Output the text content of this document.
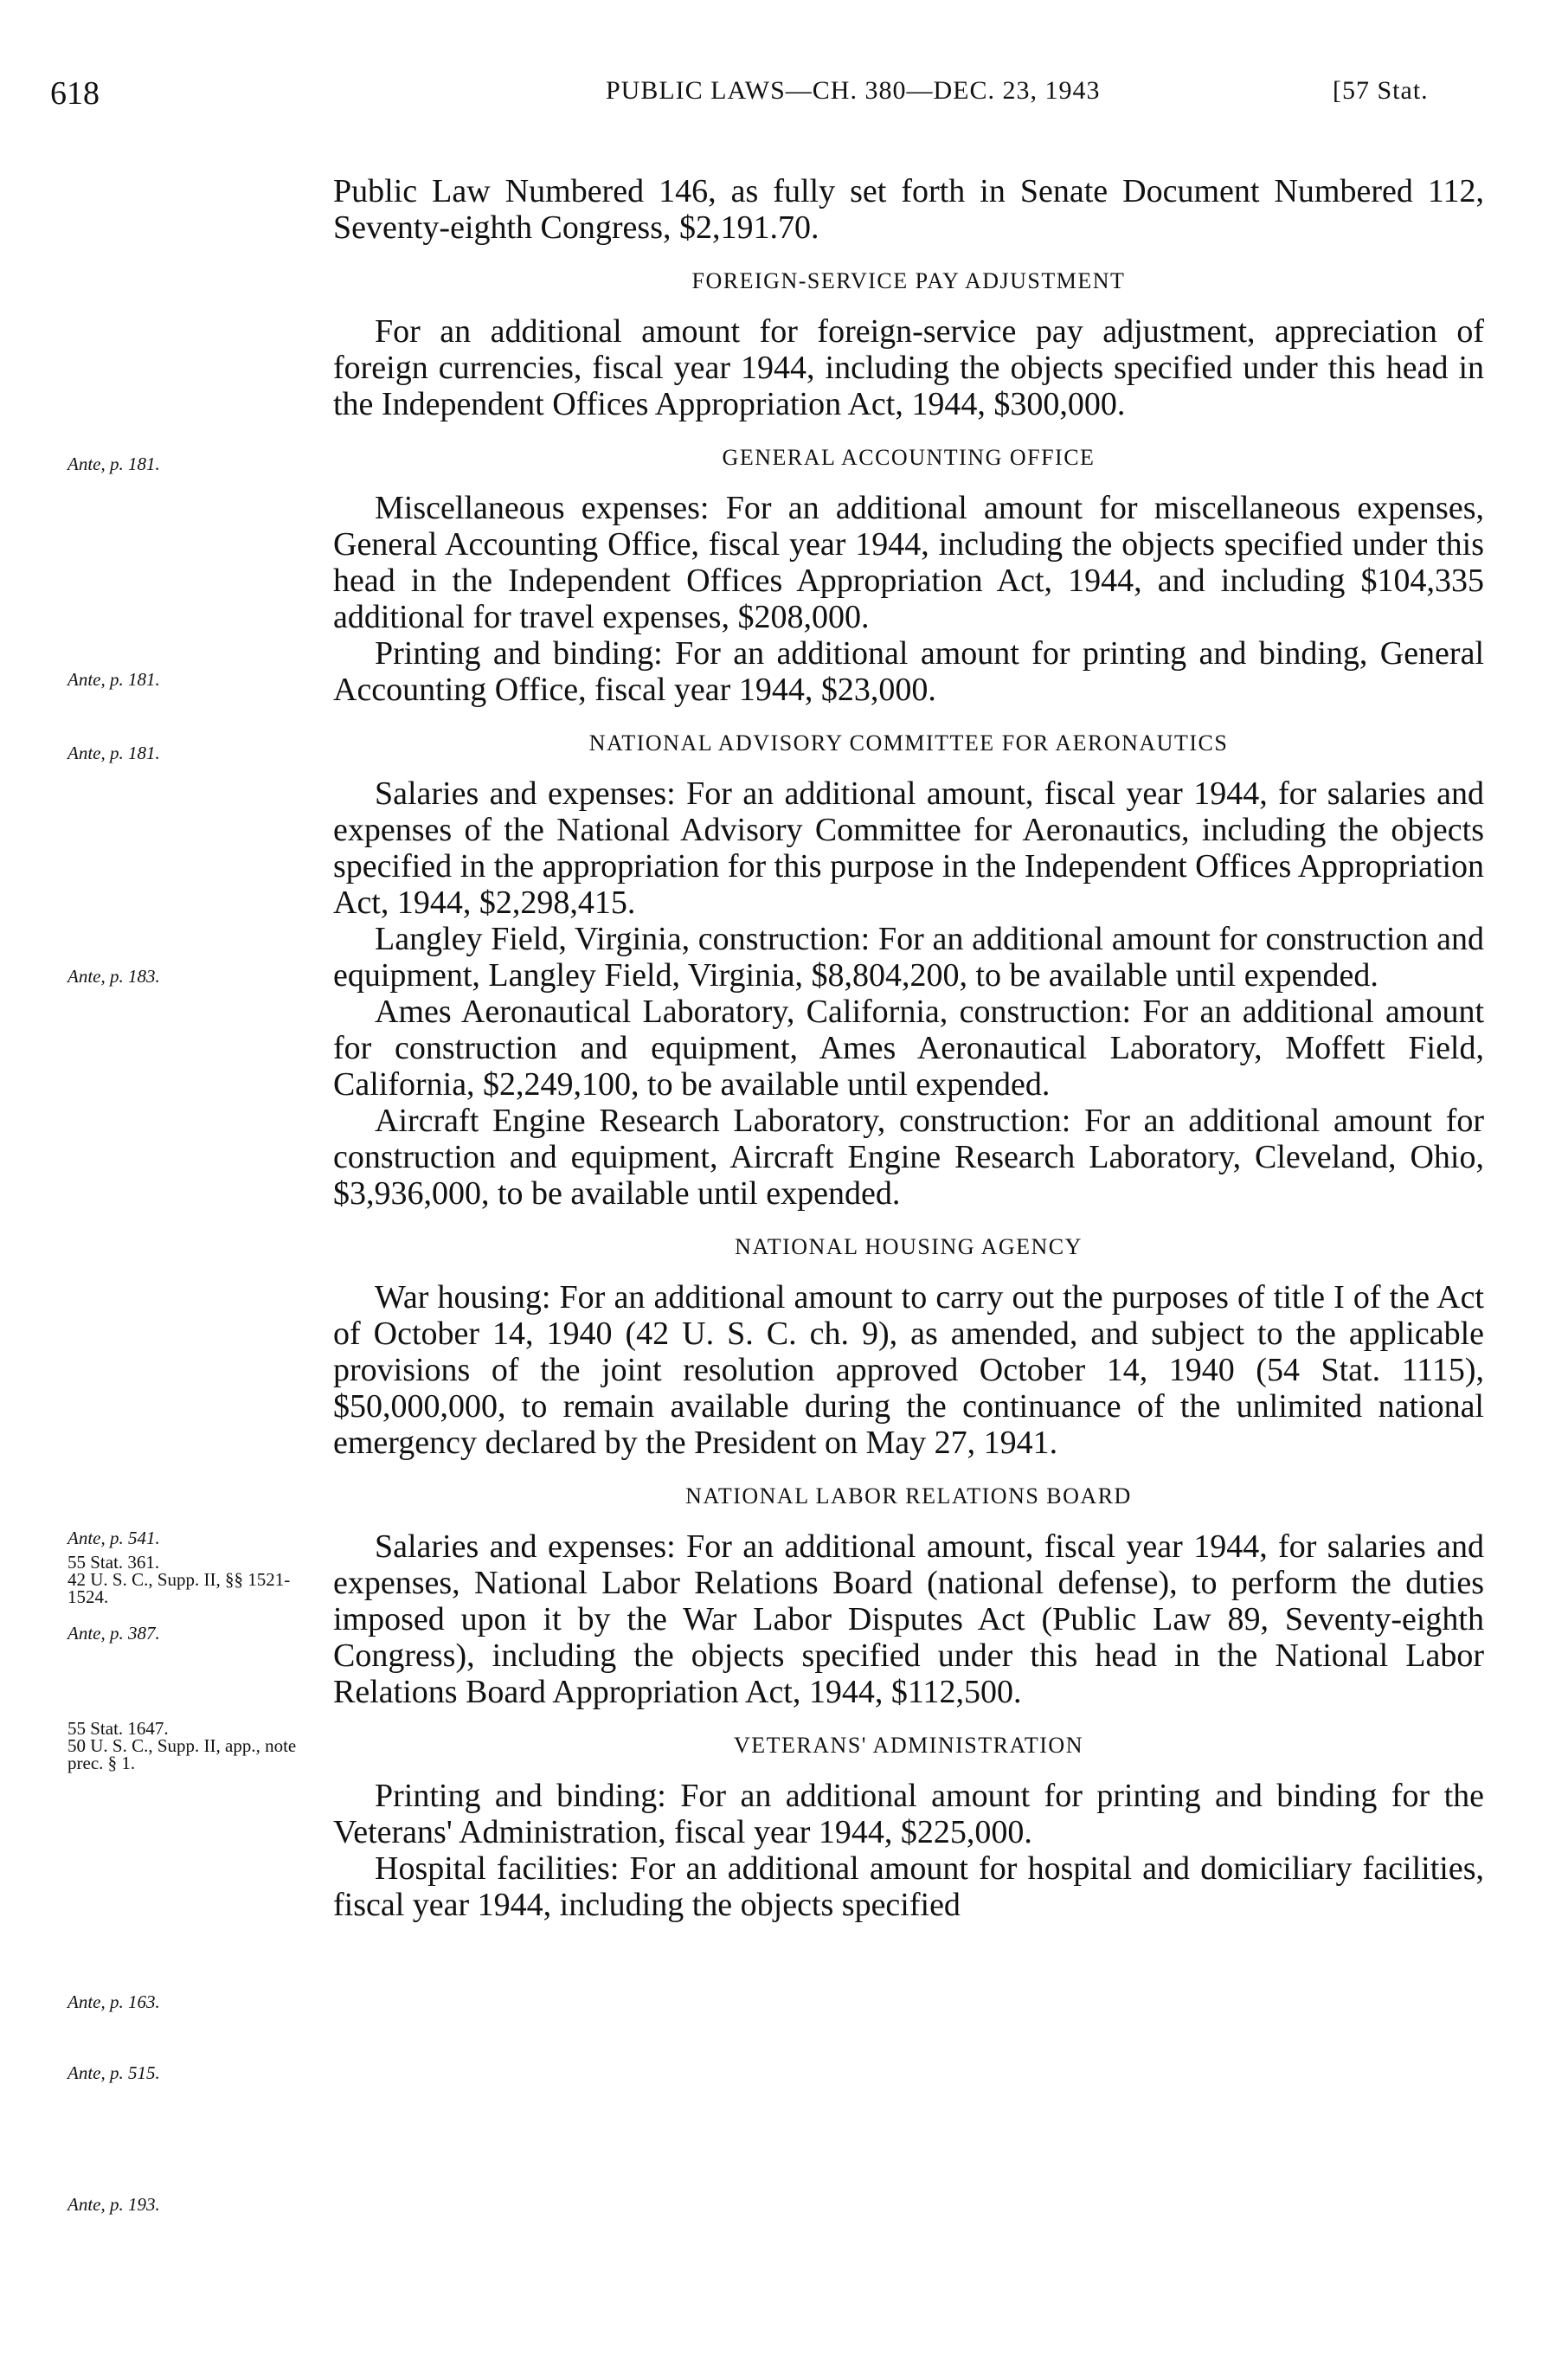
618	PUBLIC LAWS—CH. 380—DEC. 23, 1943	[57 Stat.
Ante, p. 181.
Ante, p. 181.
Ante, p. 181.
Ante, p. 183.
Ante, p. 541.
55 Stat. 361.
42 U. S. C., Supp. II, §§ 1521-1524.
Ante, p. 387.
55 Stat. 1647.
50 U. S. C., Supp. II, app., note prec. § 1.
Ante, p. 163.
Ante, p. 515.
Ante, p. 193.

Public Law Numbered 146, as fully set forth in Senate Document Numbered 112, Seventy-eighth Congress, $2,191.70.

FOREIGN-SERVICE PAY ADJUSTMENT

For an additional amount for foreign-service pay adjustment, appreciation of foreign currencies, fiscal year 1944, including the objects specified under this head in the Independent Offices Appropriation Act, 1944, $300,000.

GENERAL ACCOUNTING OFFICE

Miscellaneous expenses: For an additional amount for miscellaneous expenses, General Accounting Office, fiscal year 1944, including the objects specified under this head in the Independent Offices Appropriation Act, 1944, and including $104,335 additional for travel expenses, $208,000.

Printing and binding: For an additional amount for printing and binding, General Accounting Office, fiscal year 1944, $23,000.

NATIONAL ADVISORY COMMITTEE FOR AERONAUTICS

Salaries and expenses: For an additional amount, fiscal year 1944, for salaries and expenses of the National Advisory Committee for Aeronautics, including the objects specified in the appropriation for this purpose in the Independent Offices Appropriation Act, 1944, $2,298,415.

Langley Field, Virginia, construction: For an additional amount for construction and equipment, Langley Field, Virginia, $8,804,200, to be available until expended.

Ames Aeronautical Laboratory, California, construction: For an additional amount for construction and equipment, Ames Aeronautical Laboratory, Moffett Field, California, $2,249,100, to be available until expended.

Aircraft Engine Research Laboratory, construction: For an additional amount for construction and equipment, Aircraft Engine Research Laboratory, Cleveland, Ohio, $3,936,000, to be available until expended.

NATIONAL HOUSING AGENCY

War housing: For an additional amount to carry out the purposes of title I of the Act of October 14, 1940 (42 U. S. C. ch. 9), as amended, and subject to the applicable provisions of the joint resolution approved October 14, 1940 (54 Stat. 1115), $50,000,000, to remain available during the continuance of the unlimited national emergency declared by the President on May 27, 1941.

NATIONAL LABOR RELATIONS BOARD

Salaries and expenses: For an additional amount, fiscal year 1944, for salaries and expenses, National Labor Relations Board (national defense), to perform the duties imposed upon it by the War Labor Disputes Act (Public Law 89, Seventy-eighth Congress), including the objects specified under this head in the National Labor Relations Board Appropriation Act, 1944, $112,500.

VETERANS' ADMINISTRATION

Printing and binding: For an additional amount for printing and binding for the Veterans' Administration, fiscal year 1944, $225,000.

Hospital facilities: For an additional amount for hospital and domiciliary facilities, fiscal year 1944, including the objects specified
